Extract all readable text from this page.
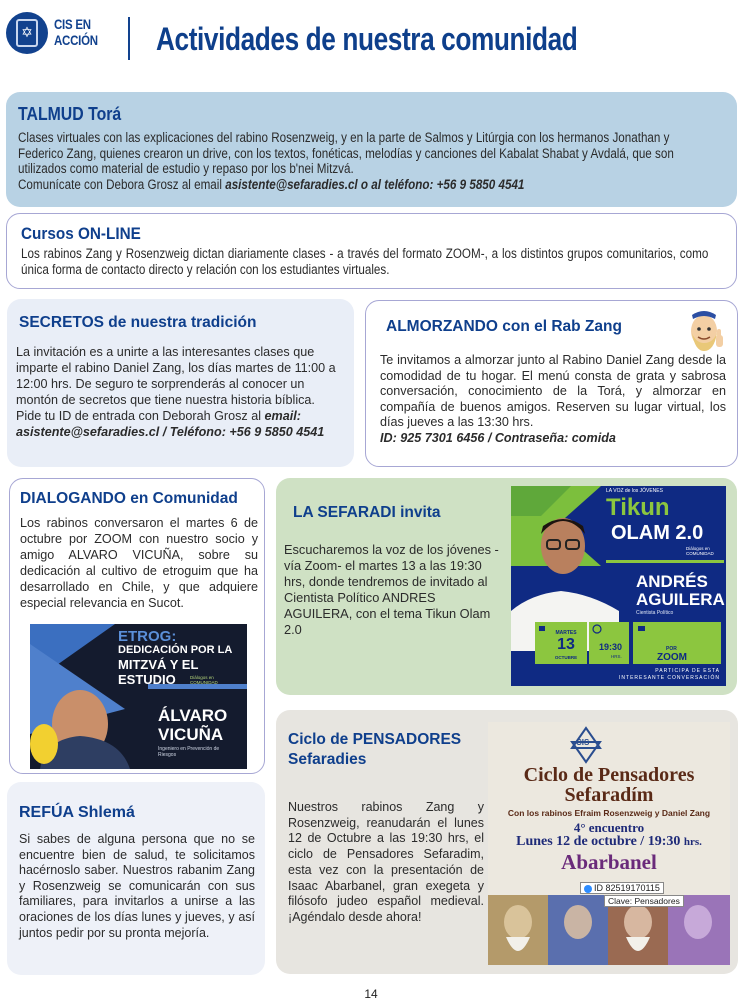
✡ CIS EN
ACCIÓN Actividades de nuestra comunidad
TALMUD Torá
Clases virtuales con las explicaciones del rabino Rosenzweig, y en la parte de Salmos y Litúrgia con los hermanos Jonathan y Federico Zang, quienes crearon un drive, con los textos, fonéticas, melodías y canciones del Kabalat Shabat y Avdalá, que son utilizados como material de estudio y repaso por los b'nei Mitzvá.
Comunícate con Debora Grosz al email asistente@sefaradies.cl o al teléfono: +56 9 5850 4541
Cursos ON-LINE
Los rabinos Zang y Rosenzweig dictan diariamente clases - a través del formato ZOOM-, a los distintos grupos comunitarios, como única forma de contacto directo y relación con los estudiantes virtuales.
SECRETOS de nuestra tradición
La invitación es a unirte a las interesantes clases que imparte el rabino Daniel Zang, los días martes de 11:00 a 12:00 hrs. De seguro te sorprenderás al conocer un montón de secretos que tiene nuestra historia bíblica.
Pide tu ID de entrada con Deborah Grosz al email:
asistente@sefaradies.cl / Teléfono: +56 9 5850 4541
ALMORZANDO con el Rab Zang
Te invitamos a almorzar junto al Rabino Daniel Zang desde la comodidad de tu hogar. El menú consta de grata y sabrosa conversación, conocimiento de la Torá, y almorzar en compañía de buenos amigos. Reserven su lugar virtual, los días jueves a las 13:30 hrs.
ID: 925 7301 6456 / Contraseña: comida
DIALOGANDO en Comunidad
Los rabinos conversaron el martes 6 de octubre por ZOOM con nuestro socio y amigo ALVARO VICUÑA, sobre su dedicación al cultivo de etroguim que ha desarrollado en Chile, y que adquiere especial relevancia en Sucot.
ETROG:
DEDICACIÓN POR LA
MITZVÁ Y EL
ESTUDIO	Diálogos en COMUNIDAD
ÁLVARO
VICUÑA
Ingeniero en Prevención de Riesgos
REFÚA Shlemá
Si sabes de alguna persona que no se encuentre bien de salud, te solicitamos hacérnoslo saber. Nuestros rabanim Zang y Rosenzweig se comunicarán con sus familiares, para invitarlos a unirse a las oraciones de los días lunes y jueves, y así juntos pedir por su pronta mejoría.
LA SEFARADI invita
Escucharemos la voz de los jóvenes -vía Zoom- el martes 13 a las 19:30 hrs, donde tendremos de invitado al Cientista Político ANDRES AGUILERA, con el tema Tikun Olam 2.0
LA VOZ de los JÓVENES
Tikun
OLAM 2.0
Diálogos en COMUNIDAD
ANDRÉS
AGUILERA
Cientista Político
MARTES
13
OCTUBRE
19:30
HRS.
POR
ZOOM
PARTICIPA DE ESTA
INTERESANTE CONVERSACIÓN
Ciclo de PENSADORES Sefaradies
Nuestros rabinos Zang y Rosenzweig, reanudarán el lunes 12 de Octubre a las 19:30 hrs, el ciclo de Pensadores Sefaradim, esta vez con la presentación de Isaac Abarbanel, gran exegeta y filósofo judeo español medieval. ¡Agéndalo desde ahora!
CIS
Ciclo de Pensadores
Sefaradím
Con los rabinos Efraim Rosenzweig y Daniel Zang
4° encuentro
Lunes 12 de octubre / 19:30 hrs.
Abarbanel
ID 82519170115
Clave: Pensadores
14
